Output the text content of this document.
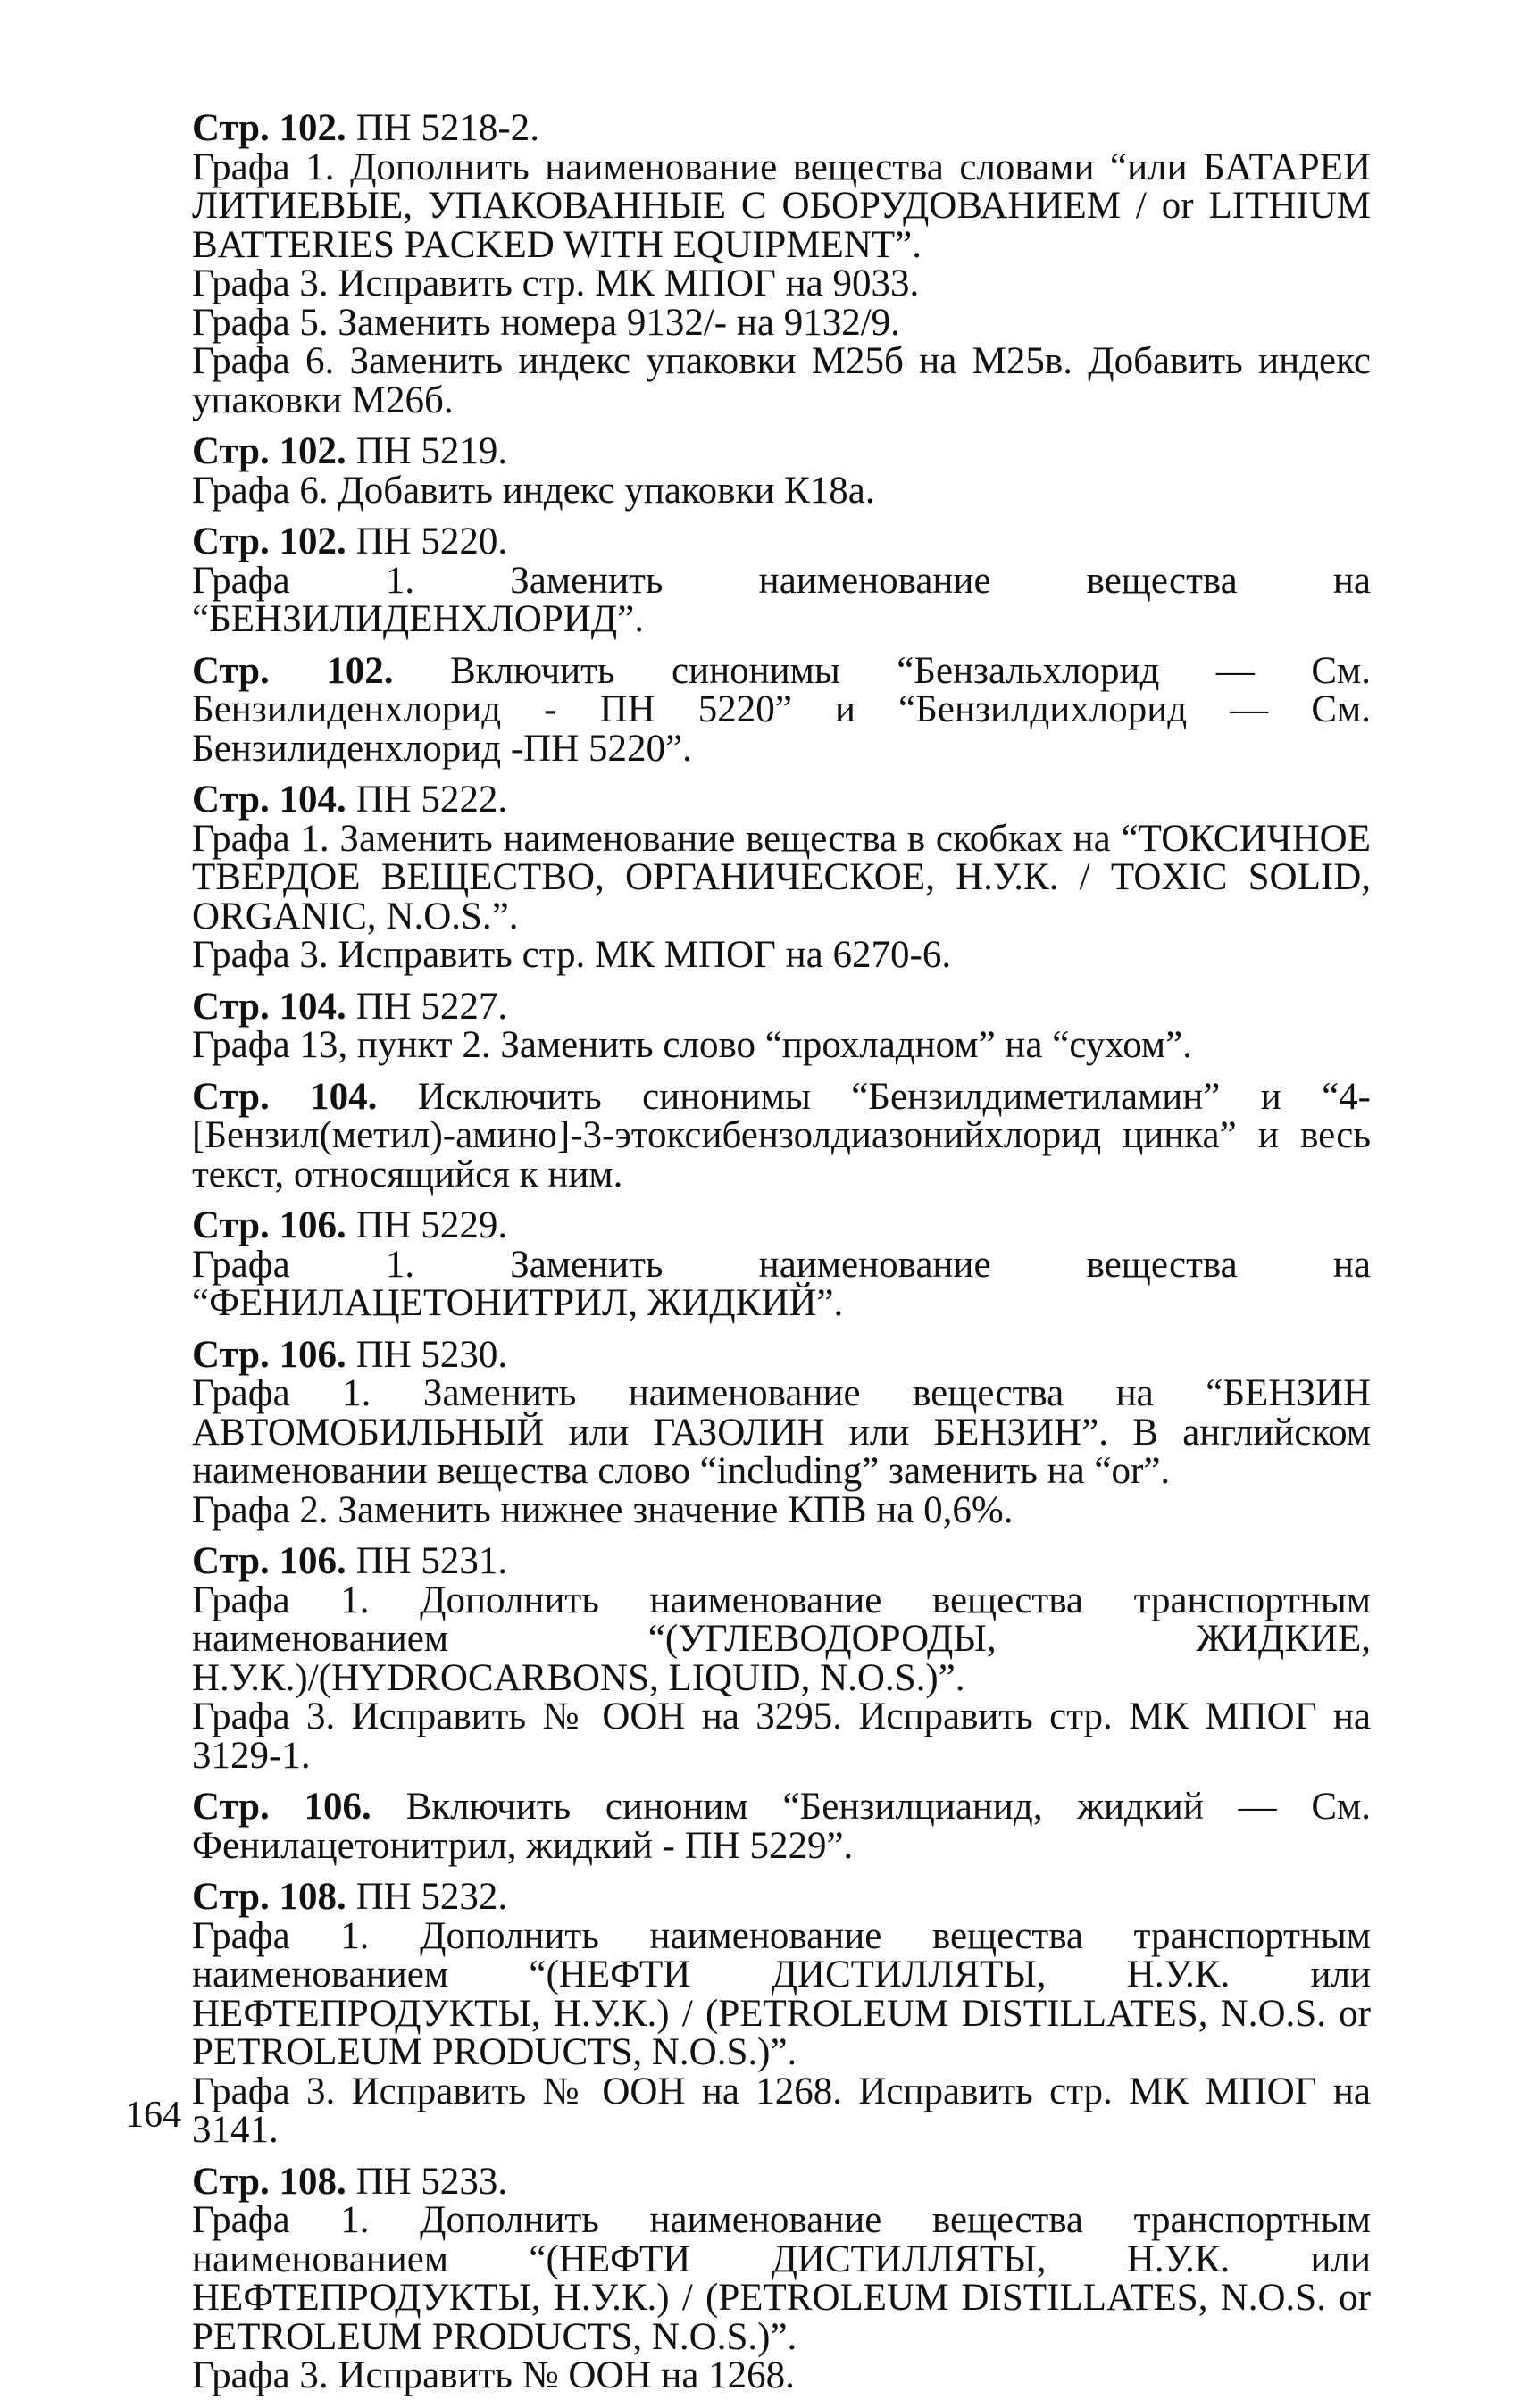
Стр. 102. ПН 5218-2.

Графа 1. Дополнить наименование вещества словами “или БАТАРЕИ ЛИТИЕВЫЕ, УПАКОВАННЫЕ С ОБОРУДОВАНИЕМ / or LITHIUM BATTERIES PACKED WITH EQUIPMENT”.

Графа 3. Исправить стр. МК МПОГ на 9033.

Графа 5. Заменить номера 9132/- на 9132/9.

Графа 6. Заменить индекс упаковки М25б на М25в. Добавить индекс упаковки М26б.

Стр. 102. ПН 5219.

Графа 6. Добавить индекс упаковки К18а.

Стр. 102. ПН 5220.

Графа 1. Заменить наименование вещества на “БЕНЗИЛИДЕНХЛОРИД”.

Стр. 102. Включить синонимы “Бензальхлорид — См. Бензилиденхлорид - ПН 5220” и “Бензилдихлорид — См. Бензилиденхлорид -ПН 5220”.

Стр. 104. ПН 5222.

Графа 1. Заменить наименование вещества в скобках на “ТОКСИЧНОЕ ТВЕРДОЕ ВЕЩЕСТВО, ОРГАНИЧЕСКОЕ, Н.У.К. / TOXIC SOLID, ORGANIC, N.O.S.”.

Графа 3. Исправить стр. МК МПОГ на 6270-6.

Стр. 104. ПН 5227.

Графа 13, пункт 2. Заменить слово “прохладном” на “сухом”.

Стр. 104. Исключить синонимы “Бензилдиметиламин” и “4-[Бензил(метил)-амино]-3-этоксибензолдиазонийхлорид цинка” и весь текст, относящийся к ним.

Стр. 106. ПН 5229.

Графа 1. Заменить наименование вещества на “ФЕНИЛАЦЕТОНИТРИЛ, ЖИДКИЙ”.

Стр. 106. ПН 5230.

Графа 1. Заменить наименование вещества на “БЕНЗИН АВТОМОБИЛЬНЫЙ или ГАЗОЛИН или БЕНЗИН”. В английском наименовании вещества слово “including” заменить на “or”.

Графа 2. Заменить нижнее значение КПВ на 0,6%.

Стр. 106. ПН 5231.

Графа 1. Дополнить наименование вещества транспортным наименованием “(УГЛЕВОДОРОДЫ, ЖИДКИЕ, Н.У.К.)/(HYDROCARBONS, LIQUID, N.O.S.)”.

Графа 3. Исправить № ООН на 3295. Исправить стр. МК МПОГ на 3129-1.

Стр. 106. Включить синоним “Бензилцианид, жидкий — См. Фенилацетонитрил, жидкий - ПН 5229”.

Стр. 108. ПН 5232.

Графа 1. Дополнить наименование вещества транспортным наименованием “(НЕФТИ ДИСТИЛЛЯТЫ, Н.У.К. или НЕФТЕПРОДУКТЫ, Н.У.К.) / (PETROLEUM DISTILLATES, N.O.S. or PETROLEUM PRODUCTS, N.O.S.)”.

Графа 3. Исправить № ООН на 1268. Исправить стр. МК МПОГ на 3141.

Стр. 108. ПН 5233.

Графа 1. Дополнить наименование вещества транспортным наименованием “(НЕФТИ ДИСТИЛЛЯТЫ, Н.У.К. или НЕФТЕПРОДУКТЫ, Н.У.К.) / (PETROLEUM DISTILLATES, N.O.S. or PETROLEUM PRODUCTS, N.O.S.)”.

Графа 3. Исправить № ООН на 1268.

164
